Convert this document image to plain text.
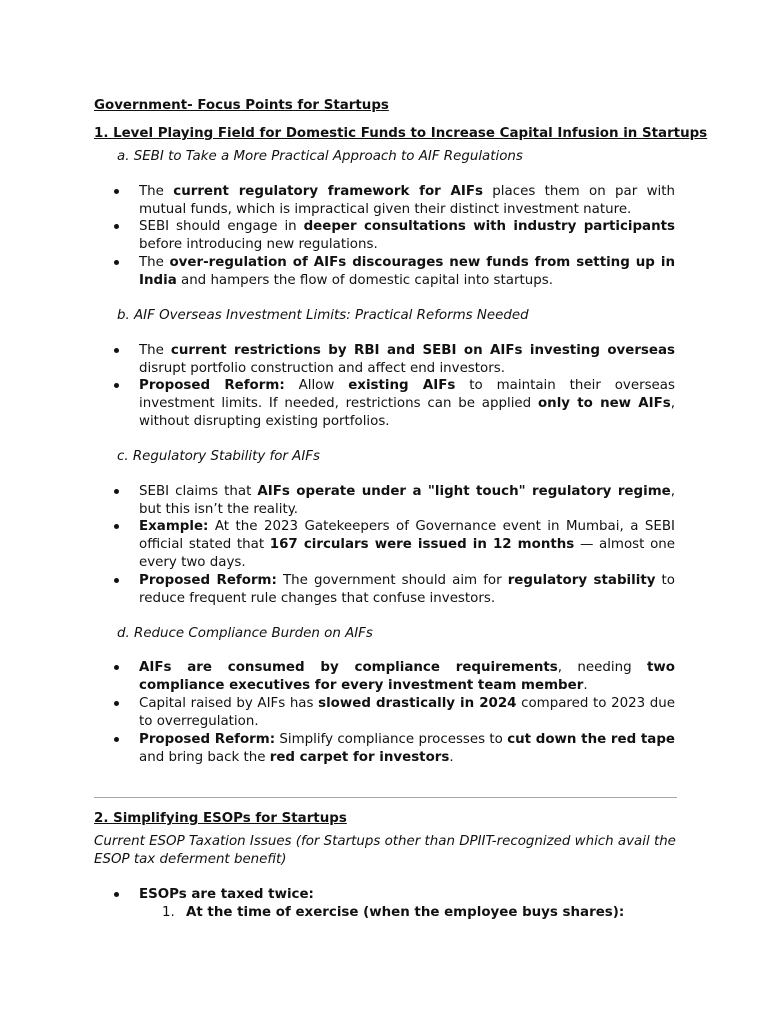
Government- Focus Points for Startups
1. Level Playing Field for Domestic Funds to Increase Capital Infusion in Startups
a. SEBI to Take a More Practical Approach to AIF Regulations
The current regulatory framework for AIFs places them on par with mutual funds, which is impractical given their distinct investment nature.
SEBI should engage in deeper consultations with industry participants before introducing new regulations.
The over-regulation of AIFs discourages new funds from setting up in India and hampers the flow of domestic capital into startups.
b. AIF Overseas Investment Limits: Practical Reforms Needed
The current restrictions by RBI and SEBI on AIFs investing overseas disrupt portfolio construction and affect end investors.
Proposed Reform: Allow existing AIFs to maintain their overseas investment limits. If needed, restrictions can be applied only to new AIFs, without disrupting existing portfolios.
c. Regulatory Stability for AIFs
SEBI claims that AIFs operate under a "light touch" regulatory regime, but this isn’t the reality.
Example: At the 2023 Gatekeepers of Governance event in Mumbai, a SEBI official stated that 167 circulars were issued in 12 months — almost one every two days.
Proposed Reform: The government should aim for regulatory stability to reduce frequent rule changes that confuse investors.
d. Reduce Compliance Burden on AIFs
AIFs are consumed by compliance requirements, needing two compliance executives for every investment team member.
Capital raised by AIFs has slowed drastically in 2024 compared to 2023 due to overregulation.
Proposed Reform: Simplify compliance processes to cut down the red tape and bring back the red carpet for investors.
2. Simplifying ESOPs for Startups
Current ESOP Taxation Issues (for Startups other than DPIIT-recognized which avail the ESOP tax deferment benefit)
ESOPs are taxed twice:
1. At the time of exercise (when the employee buys shares):
